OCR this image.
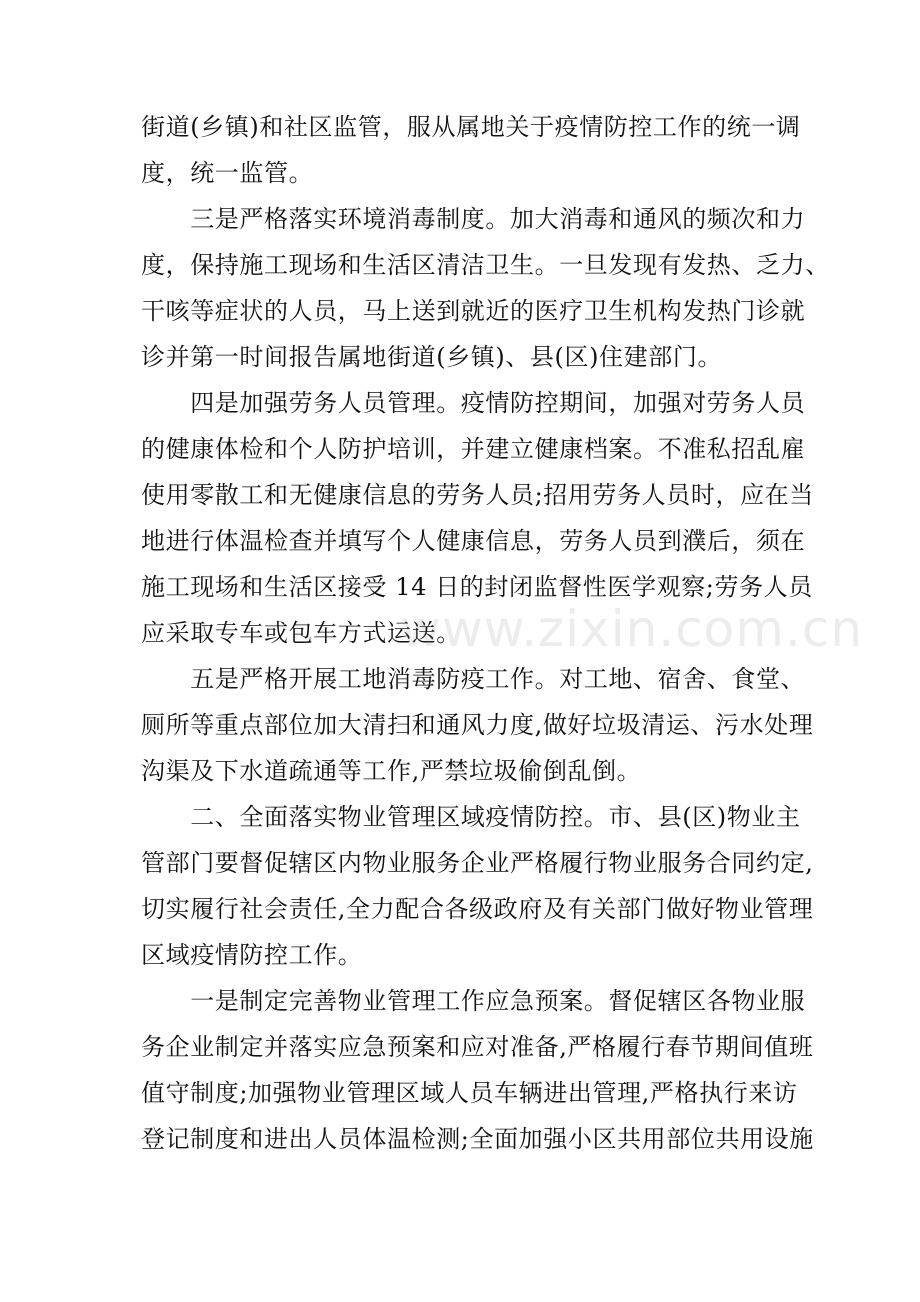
街道(乡镇)和社区监管，服从属地关于疫情防控工作的统一调
度，统一监管。
　　三是严格落实环境消毒制度。加大消毒和通风的频次和力
度，保持施工现场和生活区清洁卫生。一旦发现有发热、乏力、
干咳等症状的人员，马上送到就近的医疗卫生机构发热门诊就
诊并第一时间报告属地街道(乡镇)、县(区)住建部门。
　　四是加强劳务人员管理。疫情防控期间，加强对劳务人员
的健康体检和个人防护培训，并建立健康档案。不准私招乱雇
使用零散工和无健康信息的劳务人员;招用劳务人员时，应在当
地进行体温检查并填写个人健康信息，劳务人员到濮后，须在
施工现场和生活区接受 14 日的封闭监督性医学观察;劳务人员
应采取专车或包车方式运送。
　　五是严格开展工地消毒防疫工作。对工地、宿舍、食堂、
厕所等重点部位加大清扫和通风力度,做好垃圾清运、污水处理
沟渠及下水道疏通等工作,严禁垃圾偷倒乱倒。
　　二、全面落实物业管理区域疫情防控。市、县(区)物业主
管部门要督促辖区内物业服务企业严格履行物业服务合同约定,
切实履行社会责任,全力配合各级政府及有关部门做好物业管理
区域疫情防控工作。
　　一是制定完善物业管理工作应急预案。督促辖区各物业服
务企业制定并落实应急预案和应对准备,严格履行春节期间值班
值守制度;加强物业管理区域人员车辆进出管理,严格执行来访
登记制度和进出人员体温检测;全面加强小区共用部位共用设施
www.zixin.com.cn
